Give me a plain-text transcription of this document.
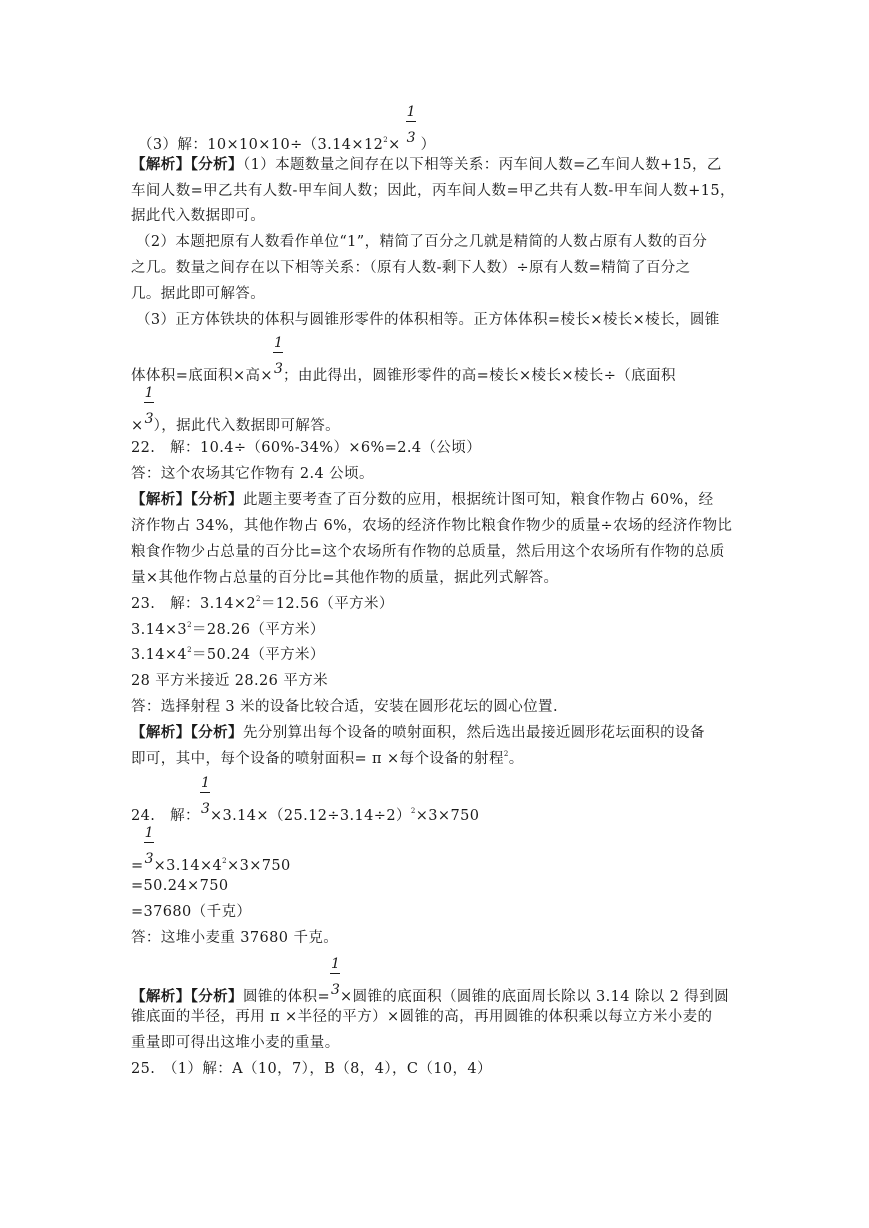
（3）解：$10\times 10\times 10\div(3.14\times 12^2\times \frac{1}{3}$ ）
【解析】【分析】（1）本题数量之间存在以下相等关系：丙车间人数=乙车间人数+15，乙
车间人数=甲乙共有人数-甲车间人数；因此，丙车间人数=甲乙共有人数-甲车间人数+15，
据此代入数据即可。
（2）本题把原有人数看作单位“1”，精简了百分之几就是精简的人数占原有人数的百分
之几。数量之间存在以下相等关系：（原有人数-剩下人数）÷原有人数=精简了百分之
几。据此即可解答。
（3）正方体铁块的体积与圆锥形零件的体积相等。正方体体积=棱长×棱长×棱长，圆锥
体体积=底面积×高× $\frac{1}{3}$ ；由此得出，圆锥形零件的高=棱长×棱长×棱长÷（底面积
× $\frac{1}{3}$ ），据此代入数据即可解答。
22.　解：10.4÷（60%-34%）×6%=2.4（公顷）
答：这个农场其它作物有 2.4 公顷。
【解析】【分析】此题主要考查了百分数的应用，根据统计图可知，粮食作物占 60%，经
济作物占 34%，其他作物占 6%，农场的经济作物比粮食作物少的质量÷农场的经济作物比
粮食作物少占总量的百分比=这个农场所有作物的总质量，然后用这个农场所有作物的总质
量×其他作物占总量的百分比=其他作物的质量，据此列式解答。
23.　解：$3.14\times 2^2=12.56$（平方米）
$3.14\times 3^2=28.26$（平方米）
$3.14\times 4^2=50.24$（平方米）
28 平方米接近 28.26 平方米
答：选择射程 3 米的设备比较合适，安装在圆形花坛的圆心位置.
【解析】【分析】先分别算出每个设备的喷射面积，然后选出最接近圆形花坛面积的设备
即可，其中，每个设备的喷射面积= π ×每个设备的射程$^2$。
24.　解： $\frac{1}{3} \times 3.14\times(25.12\div 3.14\div 2)^2\times 3\times 750$
= $\frac{1}{3} \times 3.14\times 4^2\times 3\times 750$
=50.24×750
=37680（千克）
答：这堆小麦重 37680 千克。
【解析】【分析】圆锥的体积= $\frac{1}{3}$ ×圆锥的底面积（圆锥的底面周长除以 3.14 除以 2 得到圆
锥底面的半径，再用 π ×半径的平方）×圆锥的高，再用圆锥的体积乘以每立方米小麦的
重量即可得出这堆小麦的重量。
25.　（1）解：A（10，7），B（8，4），C（10，4）
